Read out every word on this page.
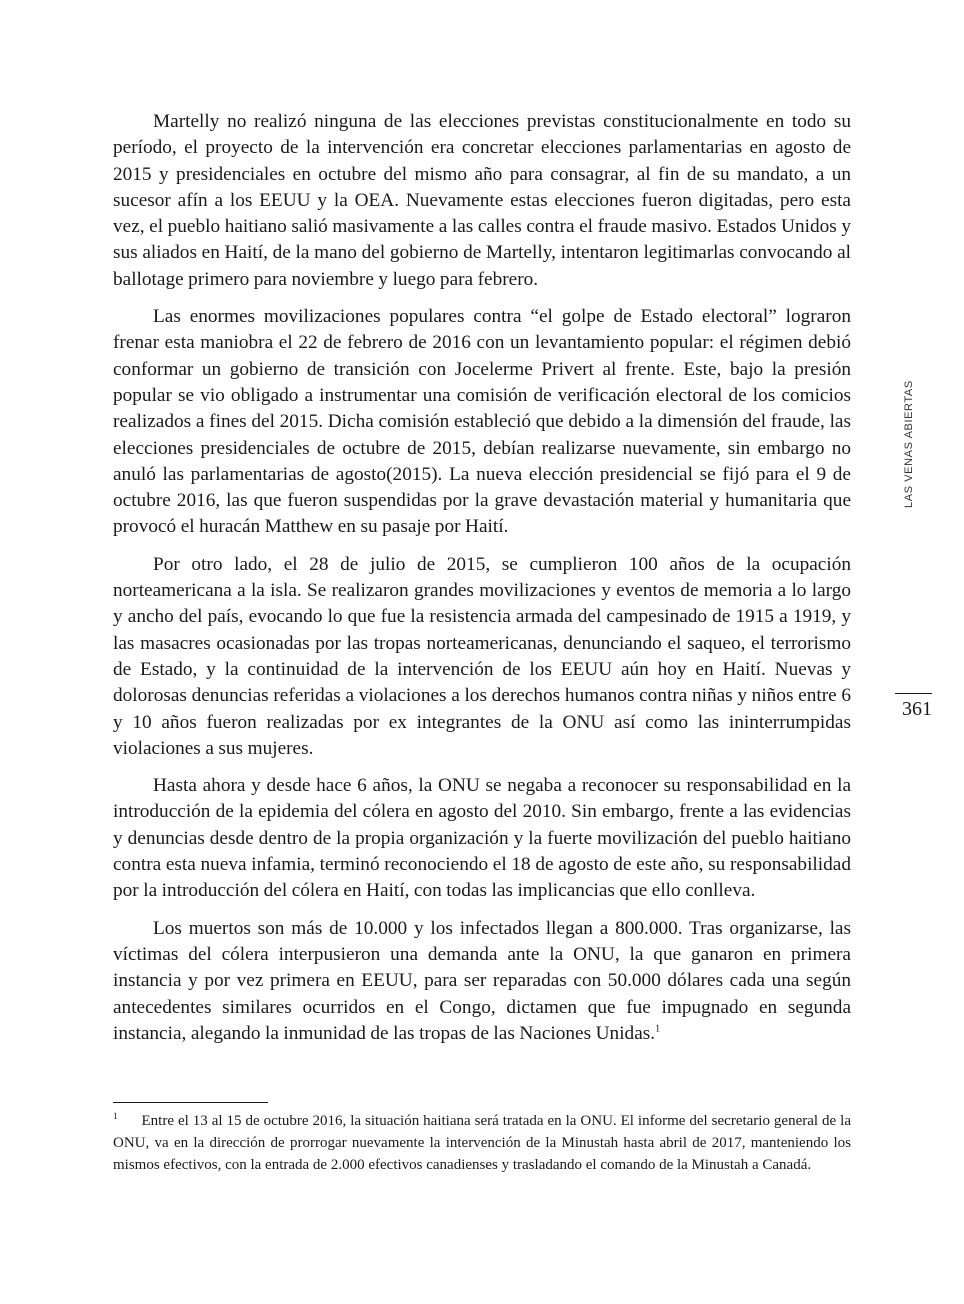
Martelly no realizó ninguna de las elecciones previstas constitucionalmente en todo su período, el proyecto de la intervención era concretar elecciones parlamentarias en agosto de 2015 y presidenciales en octubre del mismo año para consagrar, al fin de su mandato, a un sucesor afín a los EEUU y la OEA. Nuevamente estas elecciones fueron digitadas, pero esta vez, el pueblo haitiano salió masivamente a las calles contra el fraude masivo. Estados Unidos y sus aliados en Haití, de la mano del gobierno de Martelly, intentaron legitimarlas convocando al ballotage primero para noviembre y luego para febrero.

Las enormes movilizaciones populares contra “el golpe de Estado electoral” lograron frenar esta maniobra el 22 de febrero de 2016 con un levantamiento popular: el régimen debió conformar un gobierno de transición con Jocelerme Privert al frente. Este, bajo la presión popular se vio obligado a instrumentar una comisión de verificación electoral de los comicios realizados a fines del 2015. Dicha comisión estableció que debido a la dimensión del fraude, las elecciones presidenciales de octubre de 2015, debían realizarse nuevamente, sin embargo no anuló las parlamentarias de agosto(2015). La nueva elección presidencial se fijó para el 9 de octubre 2016, las que fueron suspendidas por la grave devastación material y humanitaria que provocó el huracán Matthew en su pasaje por Haití.

Por otro lado, el 28 de julio de 2015, se cumplieron 100 años de la ocupación norteamericana a la isla. Se realizaron grandes movilizaciones y eventos de memoria a lo largo y ancho del país, evocando lo que fue la resistencia armada del campesinado de 1915 a 1919, y las masacres ocasionadas por las tropas norteamericanas, denunciando el saqueo, el terrorismo de Estado, y la continuidad de la intervención de los EEUU aún hoy en Haití. Nuevas y dolorosas denuncias referidas a violaciones a los derechos humanos contra niñas y niños entre 6 y 10 años fueron realizadas por ex integrantes de la ONU así como las ininterrumpidas violaciones a sus mujeres.

Hasta ahora y desde hace 6 años, la ONU se negaba a reconocer su responsabilidad en la introducción de la epidemia del cólera en agosto del 2010. Sin embargo, frente a las evidencias y denuncias desde dentro de la propia organización y la fuerte movilización del pueblo haitiano contra esta nueva infamia, terminó reconociendo el 18 de agosto de este año, su responsabilidad por la introducción del cólera en Haití, con todas las implicancias que ello conlleva.

Los muertos son más de 10.000 y los infectados llegan a 800.000. Tras organizarse, las víctimas del cólera interpusieron una demanda ante la ONU, la que ganaron en primera instancia y por vez primera en EEUU, para ser reparadas con 50.000 dólares cada una según antecedentes similares ocurridos en el Congo, dictamen que fue impugnado en segunda instancia, alegando la inmunidad de las tropas de las Naciones Unidas.$^1$

$^1$ Entre el 13 al 15 de octubre 2016, la situación haitiana será tratada en la ONU. El informe del secretario general de la ONU, va en la dirección de prorrogar nuevamente la intervención de la Minustah hasta abril de 2017, manteniendo los mismos efectivos, con la entrada de 2.000 efectivos canadienses y trasladando el comando de la Minustah a Canadá.

LAS VENAS ABIERTAS
361
